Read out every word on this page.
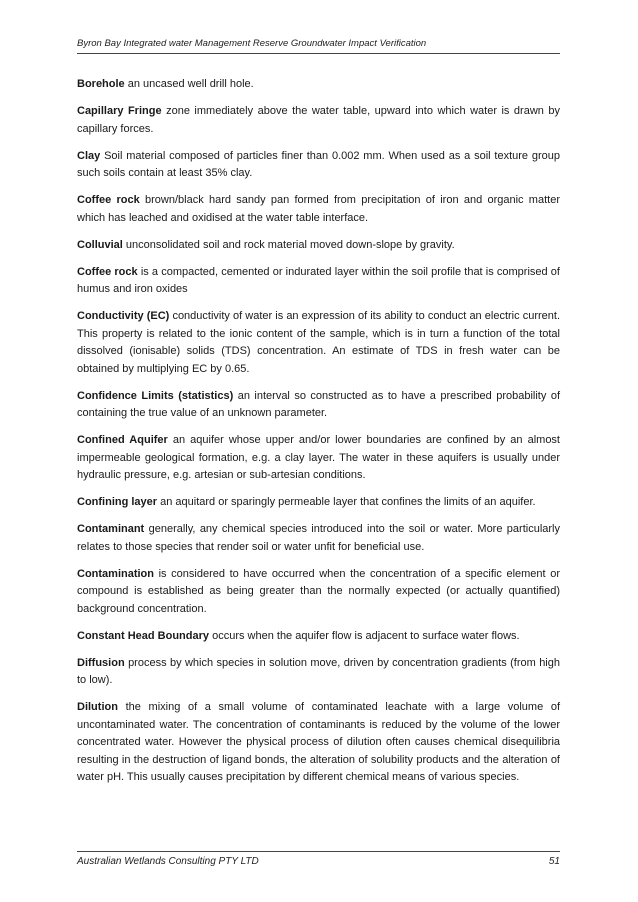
Byron Bay Integrated water Management Reserve Groundwater Impact Verification

Borehole an uncased well drill hole.

Capillary Fringe zone immediately above the water table, upward into which water is drawn by capillary forces.

Clay Soil material composed of particles finer than 0.002 mm. When used as a soil texture group such soils contain at least 35% clay.

Coffee rock brown/black hard sandy pan formed from precipitation of iron and organic matter which has leached and oxidised at the water table interface.

Colluvial unconsolidated soil and rock material moved down-slope by gravity.

Coffee rock is a compacted, cemented or indurated layer within the soil profile that is comprised of humus and iron oxides

Conductivity (EC) conductivity of water is an expression of its ability to conduct an electric current. This property is related to the ionic content of the sample, which is in turn a function of the total dissolved (ionisable) solids (TDS) concentration. An estimate of TDS in fresh water can be obtained by multiplying EC by 0.65.

Confidence Limits (statistics) an interval so constructed as to have a prescribed probability of containing the true value of an unknown parameter.

Confined Aquifer an aquifer whose upper and/or lower boundaries are confined by an almost impermeable geological formation, e.g. a clay layer. The water in these aquifers is usually under hydraulic pressure, e.g. artesian or sub-artesian conditions.

Confining layer an aquitard or sparingly permeable layer that confines the limits of an aquifer.

Contaminant generally, any chemical species introduced into the soil or water. More particularly relates to those species that render soil or water unfit for beneficial use.

Contamination is considered to have occurred when the concentration of a specific element or compound is established as being greater than the normally expected (or actually quantified) background concentration.

Constant Head Boundary occurs when the aquifer flow is adjacent to surface water flows.

Diffusion process by which species in solution move, driven by concentration gradients (from high to low).

Dilution the mixing of a small volume of contaminated leachate with a large volume of uncontaminated water. The concentration of contaminants is reduced by the volume of the lower concentrated water. However the physical process of dilution often causes chemical disequilibria resulting in the destruction of ligand bonds, the alteration of solubility products and the alteration of water pH. This usually causes precipitation by different chemical means of various species.

Australian Wetlands Consulting PTY LTD	51
